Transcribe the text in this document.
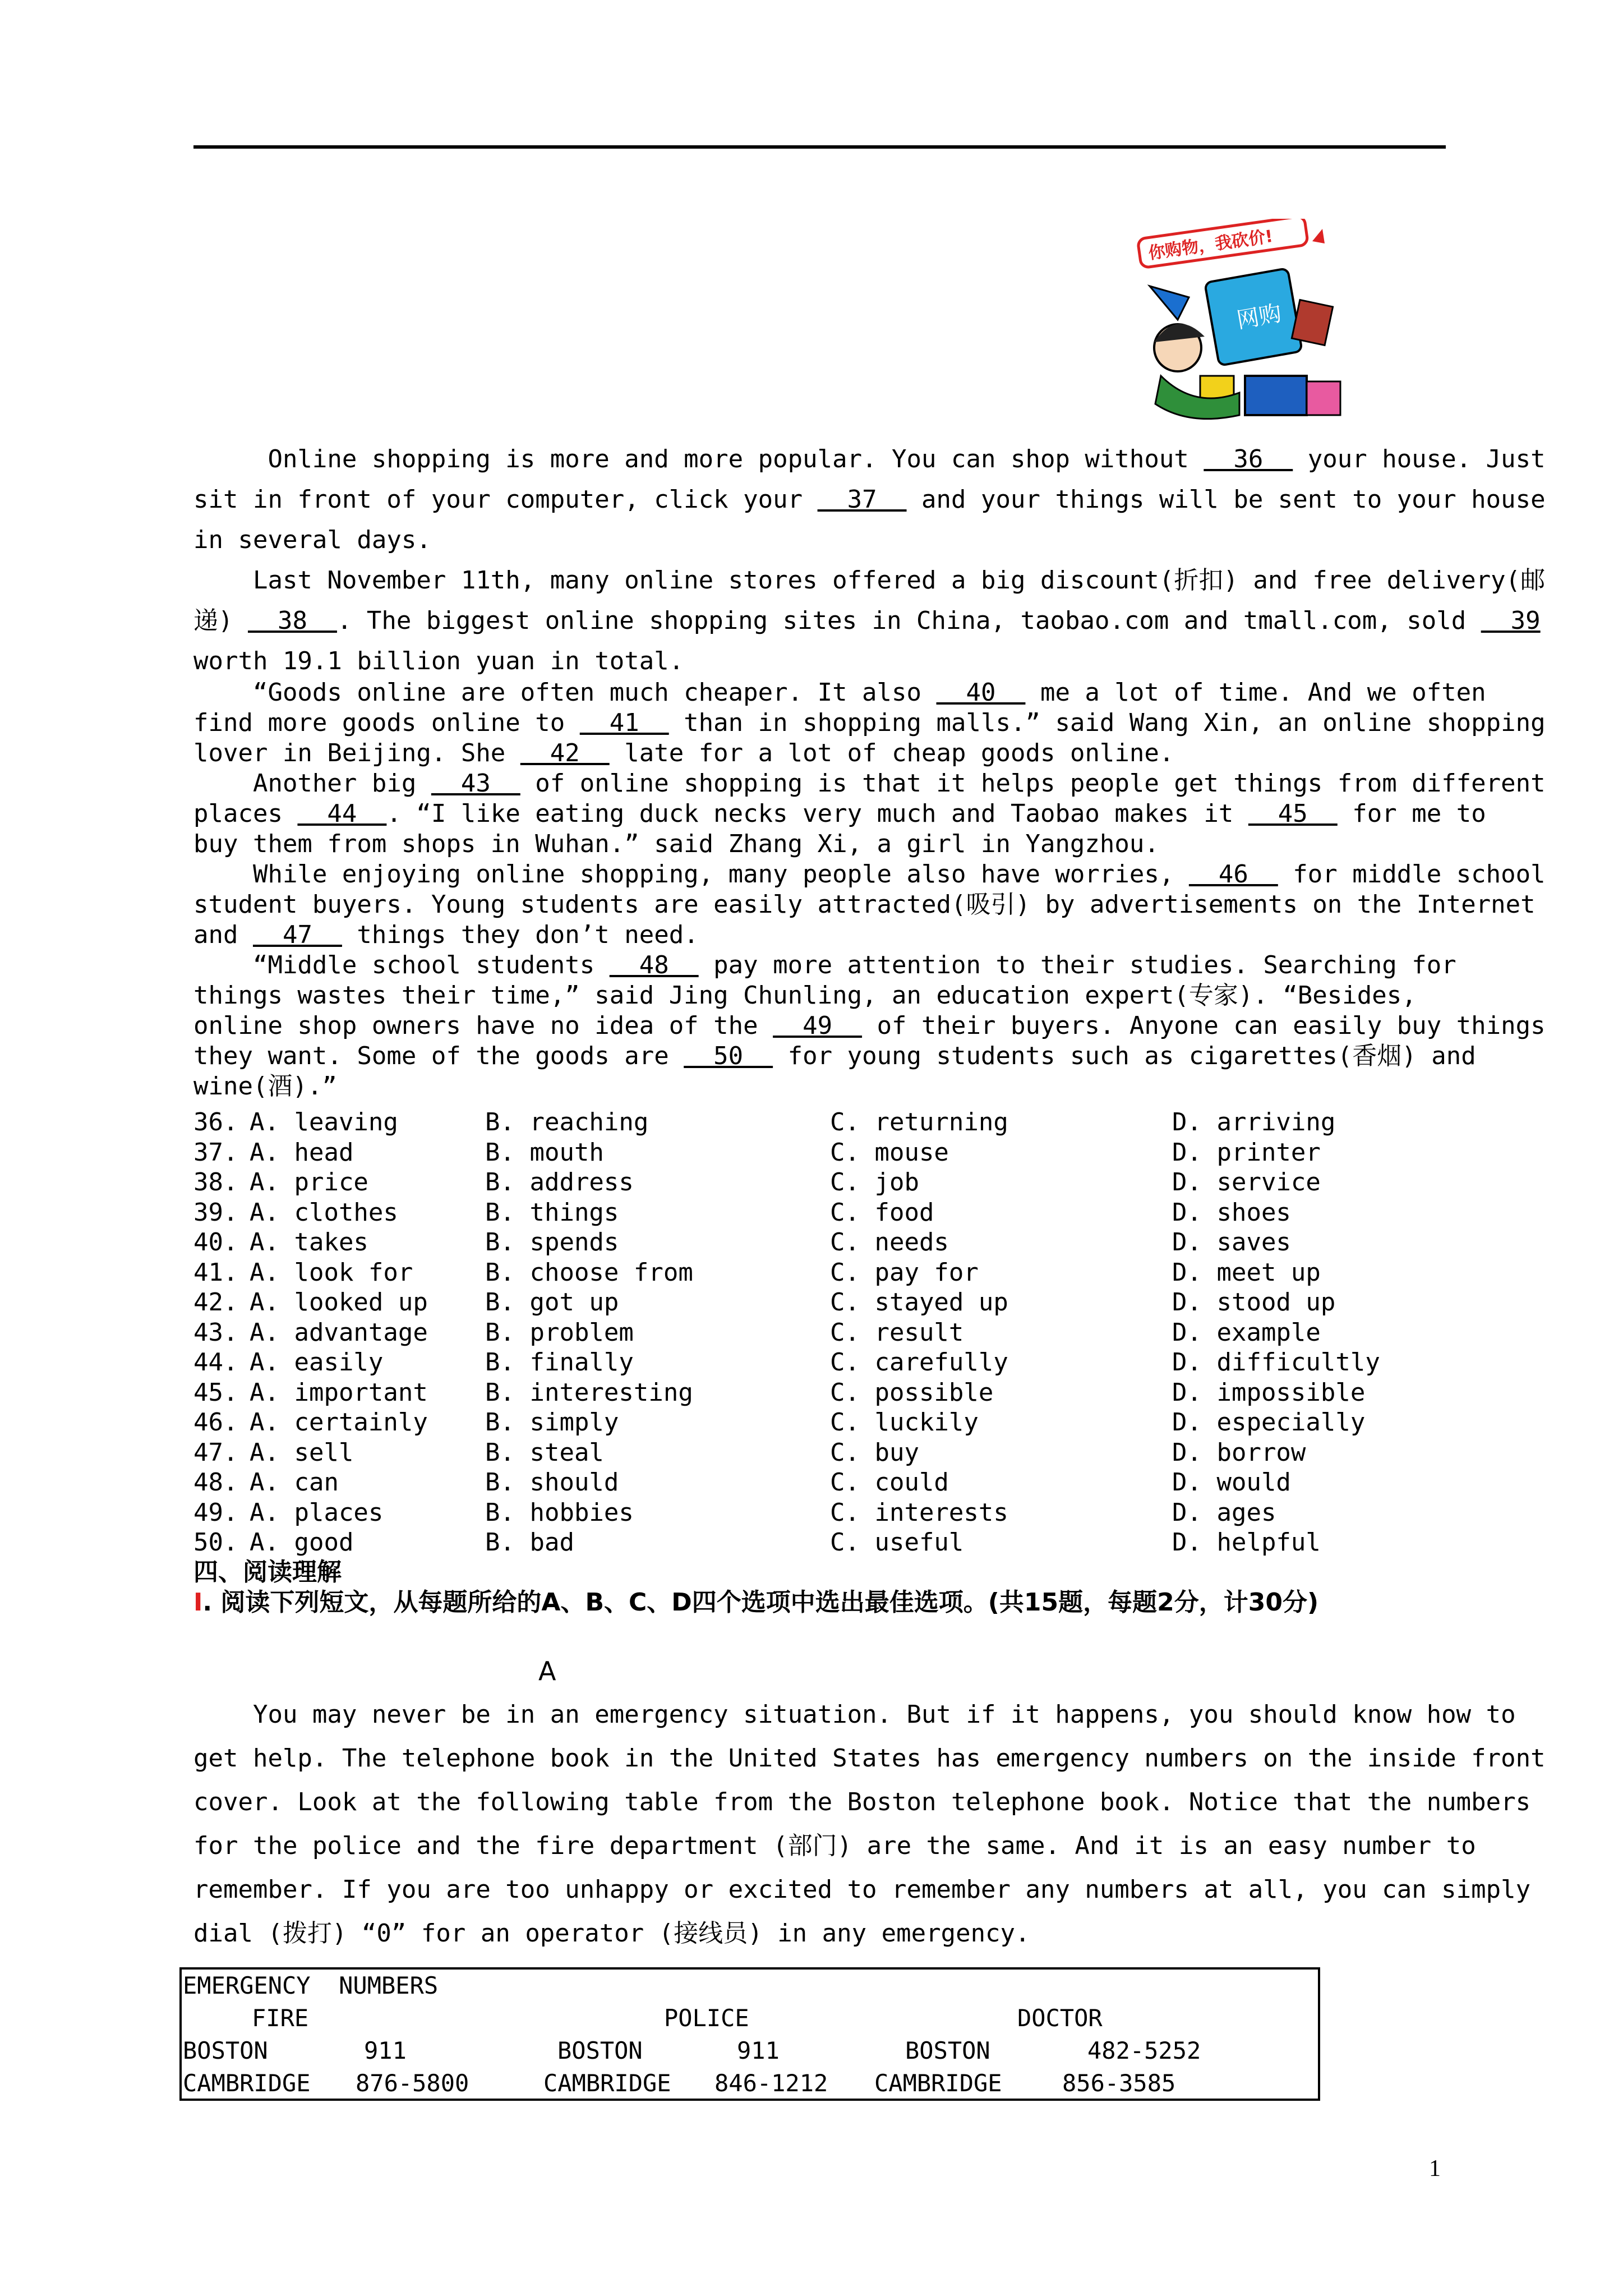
你购物，我砍价!
网购
Online shopping is more and more popular. You can shop without   36   your house. Just
sit in front of your computer, click your   37   and your things will be sent to your house
in several days.
Last November 11th, many online stores offered a big discount(折扣) and free delivery(邮
递)   38  . The biggest online shopping sites in China, taobao.com and tmall.com, sold   39
worth 19.1 billion yuan in total.
“Goods online are often much cheaper. It also   40   me a lot of time. And we often
find more goods online to   41   than in shopping malls.” said Wang Xin, an online shopping
lover in Beijing. She   42   late for a lot of cheap goods online.
Another big   43   of online shopping is that it helps people get things from different
places   44  . “I like eating duck necks very much and Taobao makes it   45   for me to
buy them from shops in Wuhan.” said Zhang Xi, a girl in Yangzhou.
While enjoying online shopping, many people also have worries,   46   for middle school
student buyers. Young students are easily attracted(吸引) by advertisements on the Internet
and   47   things they don’t need.
“Middle school students   48   pay more attention to their studies. Searching for
things wastes their time,” said Jing Chunling, an education expert(专家). “Besides,
online shop owners have no idea of the   49   of their buyers. Anyone can easily buy things
they want. Some of the goods are   50   for young students such as cigarettes(香烟) and
wine(酒).”
36. A. leaving	B. reaching	C. returning	D. arriving
37. A. head	B. mouth	C. mouse	D. printer
38. A. price	B. address	C. job	D. service
39. A. clothes	B. things	C. food	D. shoes
40. A. takes	B. spends	C. needs	D. saves
41. A. look for	B. choose from	C. pay for	D. meet up
42. A. looked up B. got up	C. stayed up	D. stood up
43. A. advantage B. problem	C. result	D. example
44. A. easily	B. finally	C. carefully	D. difficultly
45. A. important B. interesting	C. possible	D. impossible
46. A. certainly B. simply	C. luckily	D. especially
47. A. sell	B. steal	C. buy	D. borrow
48. A. can	B. should	C. could	D. would
49. A. places	B. hobbies	C. interests	D. ages
50. A. good	B. bad	C. useful	D. helpful
四、阅读理解
I. 阅读下列短文，从每题所给的A、B、C、D四个选项中选出最佳选项。(共15题，每题2分，计30分)
A
You may never be in an emergency situation. But if it happens, you should know how to
get help. The telephone book in the United States has emergency numbers on the inside front
cover. Look at the following table from the Boston telephone book. Notice that the numbers
for the police and the fire department (部门) are the same. And it is an easy number to
remember. If you are too unhappy or excited to remember any numbers at all, you can simply
dial (拨打) “0” for an operator (接线员) in any emergency.
EMERGENCY  NUMBERS
FIRE	POLICE	DOCTOR
BOSTON	911	BOSTON	911	BOSTON	482-5252
CAMBRIDGE 876-5800	CAMBRIDGE 846-1212 CAMBRIDGE	856-3585
1
